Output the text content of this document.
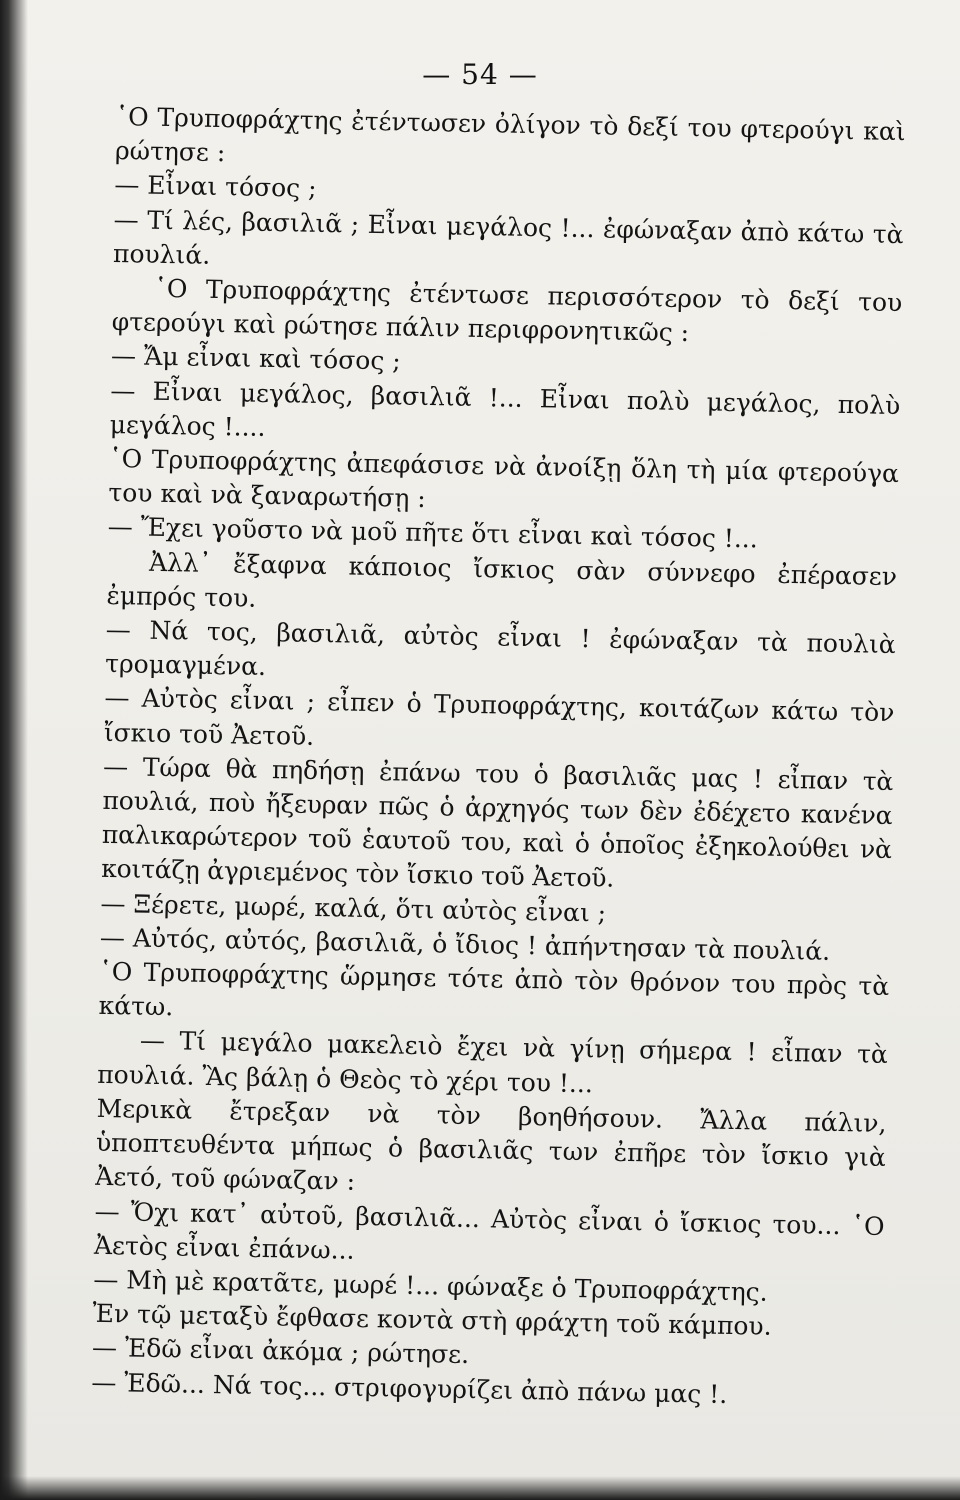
— 54 —

῾Ο Τρυποφράχτης ἐτέντωσεν ὀλίγον τὸ δεξί του φτερούγι καὶ ρώτησε :

— Εἶναι τόσος ;

— Τί λές, βασιλιᾶ ; Εἶναι μεγάλος !... ἐφώναξαν ἀπὸ κάτω τὰ πουλιά.

῾Ο Τρυποφράχτης ἐτέντωσε περισσότερον τὸ δεξί του φτερούγι καὶ ρώτησε πάλιν περιφρονητικῶς :

— Ἄμ εἶναι καὶ τόσος ;

— Εἶναι μεγάλος, βασιλιᾶ !... Εἶναι πολὺ μεγάλος, πολὺ μεγάλος !....

῾Ο Τρυποφράχτης ἀπεφάσισε νὰ ἀνοίξῃ ὅλη τὴ μία φτερούγα του καὶ νὰ ξαναρωτήσῃ :

— Ἔχει γοῦστο νὰ μοῦ πῆτε ὅτι εἶναι καὶ τόσος !...

Ἀλλ᾽ ἔξαφνα κάποιος ἴσκιος σὰν σύννεφο ἐπέρασεν ἐμπρός του.

— Νά τος, βασιλιᾶ, αὐτὸς εἶναι ! ἐφώναξαν τὰ πουλιὰ τρομαγμένα.

— Αὐτὸς εἶναι ; εἶπεν ὁ Τρυποφράχτης, κοιτάζων κάτω τὸν ἴσκιο τοῦ Ἀετοῦ.

— Τώρα θὰ πηδήσῃ ἐπάνω του ὁ βασιλιᾶς μας ! εἶπαν τὰ πουλιά, ποὺ ἤξευραν πῶς ὁ ἀρχηγός των δὲν ἐδέχετο κανένα παλικαρώτερον τοῦ ἑαυτοῦ του, καὶ ὁ ὁποῖος ἐξηκολούθει νὰ κοιτάζῃ ἀγριεμένος τὸν ἴσκιο τοῦ Ἀετοῦ.

— Ξέρετε, μωρέ, καλά, ὅτι αὐτὸς εἶναι ;

— Αὐτός, αὐτός, βασιλιᾶ, ὁ ἴδιος ! ἀπήντησαν τὰ πουλιά.

῾Ο Τρυποφράχτης ὥρμησε τότε ἀπὸ τὸν θρόνον του πρὸς τὰ κάτω.

— Τί μεγάλο μακελειὸ ἔχει νὰ γίνῃ σήμερα ! εἶπαν τὰ πουλιά. Ἂς βάλῃ ὁ Θεὸς τὸ χέρι του !...

Μερικὰ ἔτρεξαν νὰ τὸν βοηθήσουν. Ἄλλα πάλιν, ὑποπτευθέντα μήπως ὁ βασιλιᾶς των ἐπῆρε τὸν ἴσκιο γιὰ Ἀετό, τοῦ φώναζαν :

— Ὄχι κατ᾽ αὐτοῦ, βασιλιᾶ... Αὐτὸς εἶναι ὁ ἴσκιος του... ῾Ο Ἀετὸς εἶναι ἐπάνω...

— Μὴ μὲ κρατᾶτε, μωρέ !... φώναξε ὁ Τρυποφράχτης.

Ἐν τῷ μεταξὺ ἔφθασε κοντὰ στὴ φράχτη τοῦ κάμπου.

— Ἐδῶ εἶναι ἀκόμα ; ρώτησε.

— Ἐδῶ... Νά τος... στριφογυρίζει ἀπὸ πάνω μας !.
